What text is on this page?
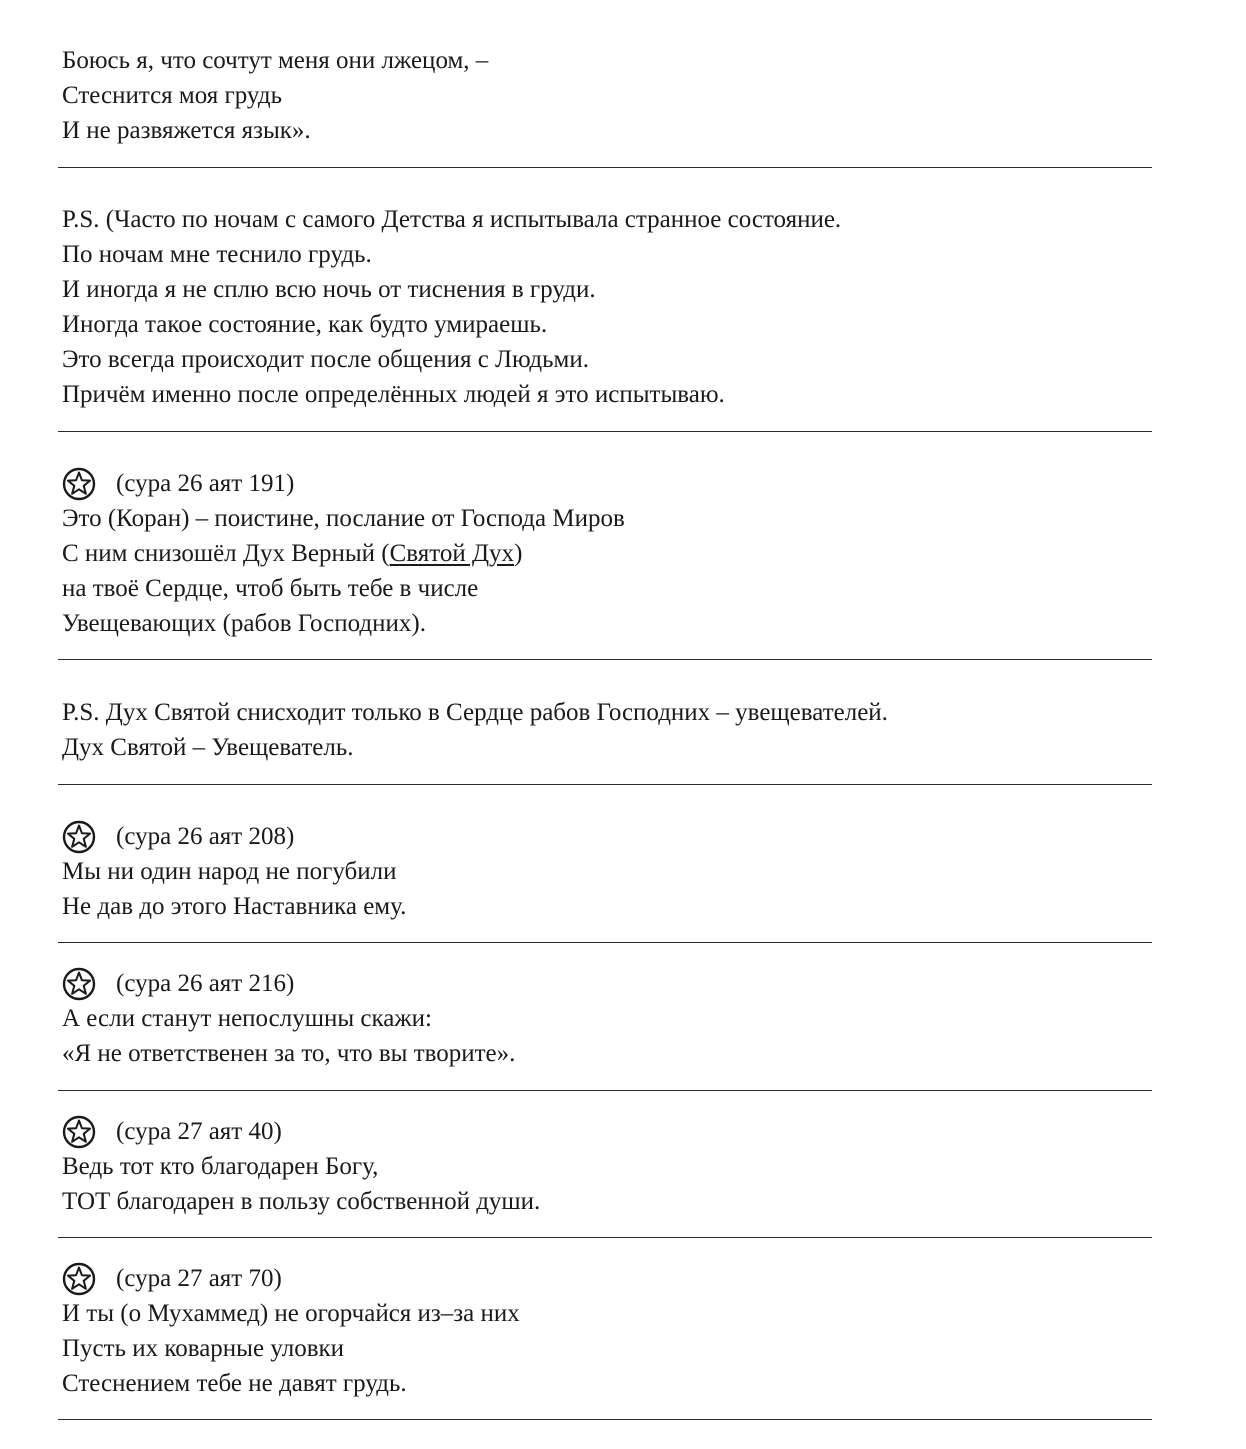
Боюсь я, что сочтут меня они лжецом, –
Стеснится моя грудь
И не развяжется язык».
P.S. (Часто по ночам с самого Детства я испытывала странное состояние.
По ночам мне теснило грудь.
И иногда я не сплю всю ночь от тиснения в груди.
Иногда такое состояние, как будто умираешь.
Это всегда происходит после общения с Людьми.
Причём именно после определённых людей я это испытываю.
(сура 26 аят 191)
Это (Коран) – поистине, послание от Господа Миров
С ним снизошёл Дух Верный (Святой Дух)
на твоё Сердце, чтоб быть тебе в числе
Увещевающих (рабов Господних).
P.S. Дух Святой снисходит только в Сердце рабов Господних – увещевателей.
Дух Святой – Увещеватель.
(сура 26 аят 208)
Мы ни один народ не погубили
Не дав до этого Наставника ему.
(сура 26 аят 216)
А если станут непослушны скажи:
«Я не ответственен за то, что вы творите».
(сура 27 аят 40)
Ведь тот кто благодарен Богу,
ТОТ благодарен в пользу собственной души.
(сура 27 аят 70)
И ты (о Мухаммед) не огорчайся из–за них
Пусть их коварные уловки
Стеснением тебе не давят грудь.
